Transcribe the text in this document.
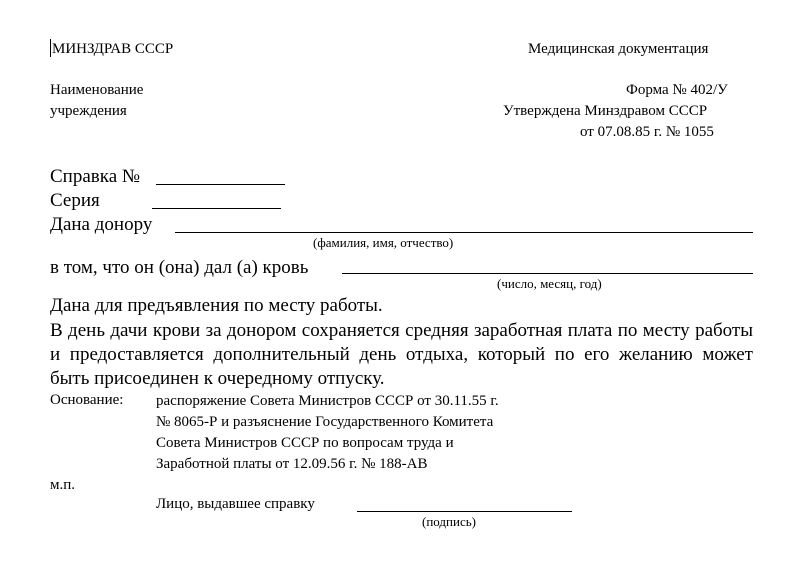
МИНЗДРАВ СССР	Медицинская документация
Наименование
учреждения
Форма № 402/У
Утверждена Минздравом СССР
от 07.08.85 г. № 1055
Справка №
Серия
Дана донору
(фамилия, имя, отчество)
в том, что он (она) дал (а) кровь
(число, месяц, год)
Дана для предъявления по месту работы.
В день дачи крови за донором сохраняется средняя заработная плата по месту работы и предоставляется дополнительный день отдыха, который по его желанию может быть присоединен к очередному отпуску.
Основание: распоряжение Совета Министров СССР от 30.11.55 г.
№ 8065-Р и разъяснение Государственного Комитета
Совета Министров СССР по вопросам труда и
Заработной платы от 12.09.56 г. № 188-АВ
м.п.
Лицо, выдавшее справку
(подпись)
